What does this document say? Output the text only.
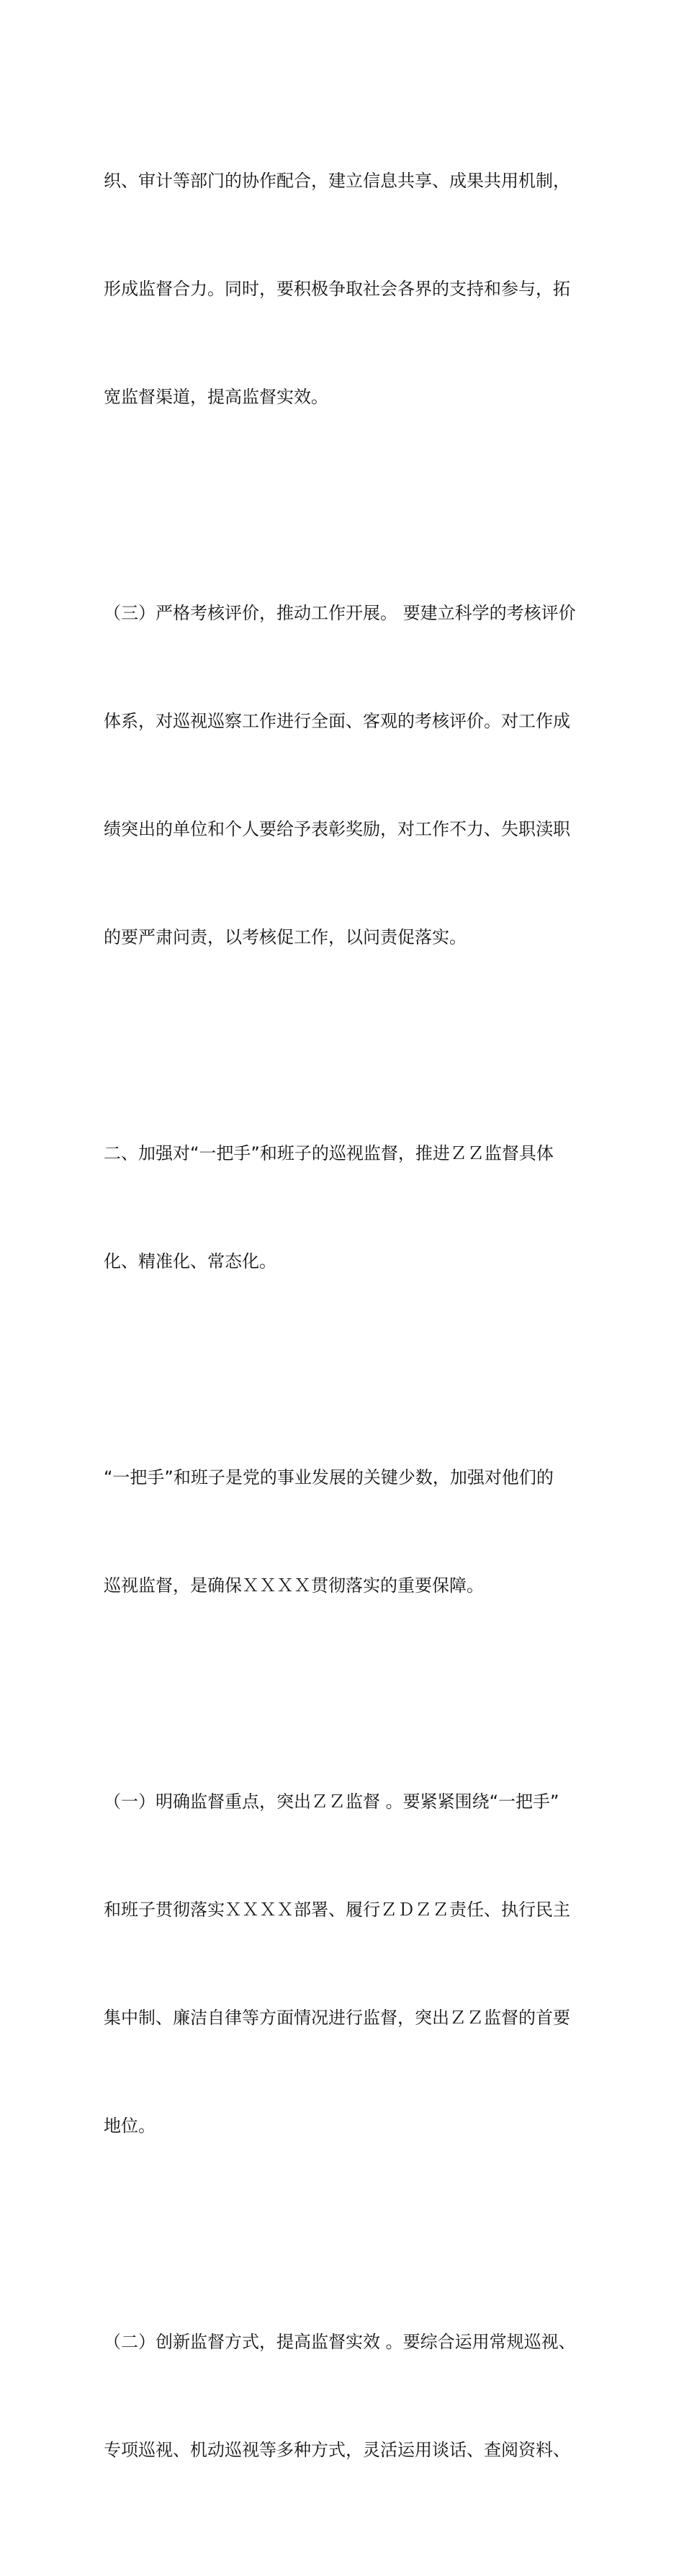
织、审计等部门的协作配合，建立信息共享、成果共用机制，

形成监督合力。同时，要积极争取社会各界的支持和参与，拓

宽监督渠道，提高监督实效。

（三）严格考核评价，推动工作开展。 要建立科学的考核评价

体系，对巡视巡察工作进行全面、客观的考核评价。对工作成

绩突出的单位和个人要给予表彰奖励，对工作不力、失职渎职

的要严肃问责，以考核促工作，以问责促落实。

二、加强对“一把手”和班子的巡视监督，推进ＺＺ监督具体

化、精准化、常态化。

“一把手”和班子是党的事业发展的关键少数，加强对他们的

巡视监督，是确保ＸＸＸＸ贯彻落实的重要保障。

（一）明确监督重点，突出ＺＺ监督 。要紧紧围绕“一把手”

和班子贯彻落实ＸＸＸＸ部署、履行ＺＤＺＺ责任、执行民主

集中制、廉洁自律等方面情况进行监督，突出ＺＺ监督的首要

地位。

（二）创新监督方式，提高监督实效 。要综合运用常规巡视、

专项巡视、机动巡视等多种方式，灵活运用谈话、查阅资料、
